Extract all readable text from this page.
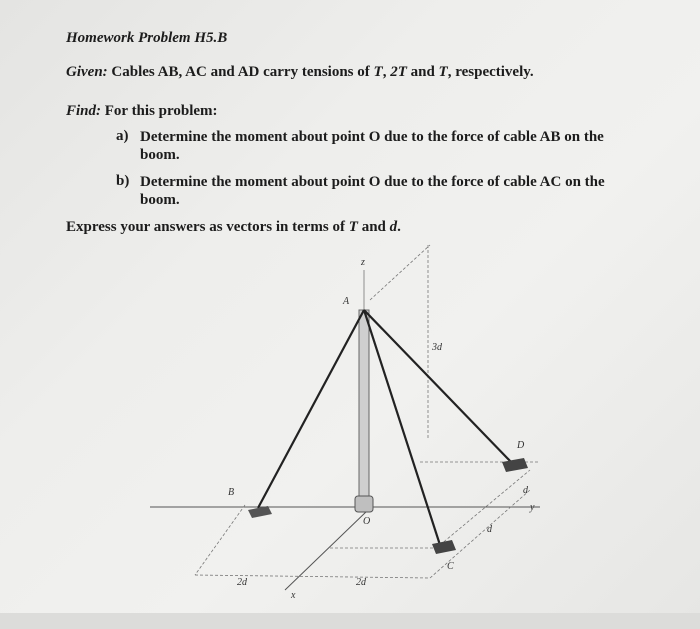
Homework Problem H5.B
Given: Cables AB, AC and AD carry tensions of T, 2T and T, respectively.
Find: For this problem:
a) Determine the moment about point O due to the force of cable AB on the boom.
b) Determine the moment about point O due to the force of cable AC on the boom.
Express your answers as vectors in terms of T and d.
z
A
3d
D
B
O
C
y
x
d
d
2d	2d
